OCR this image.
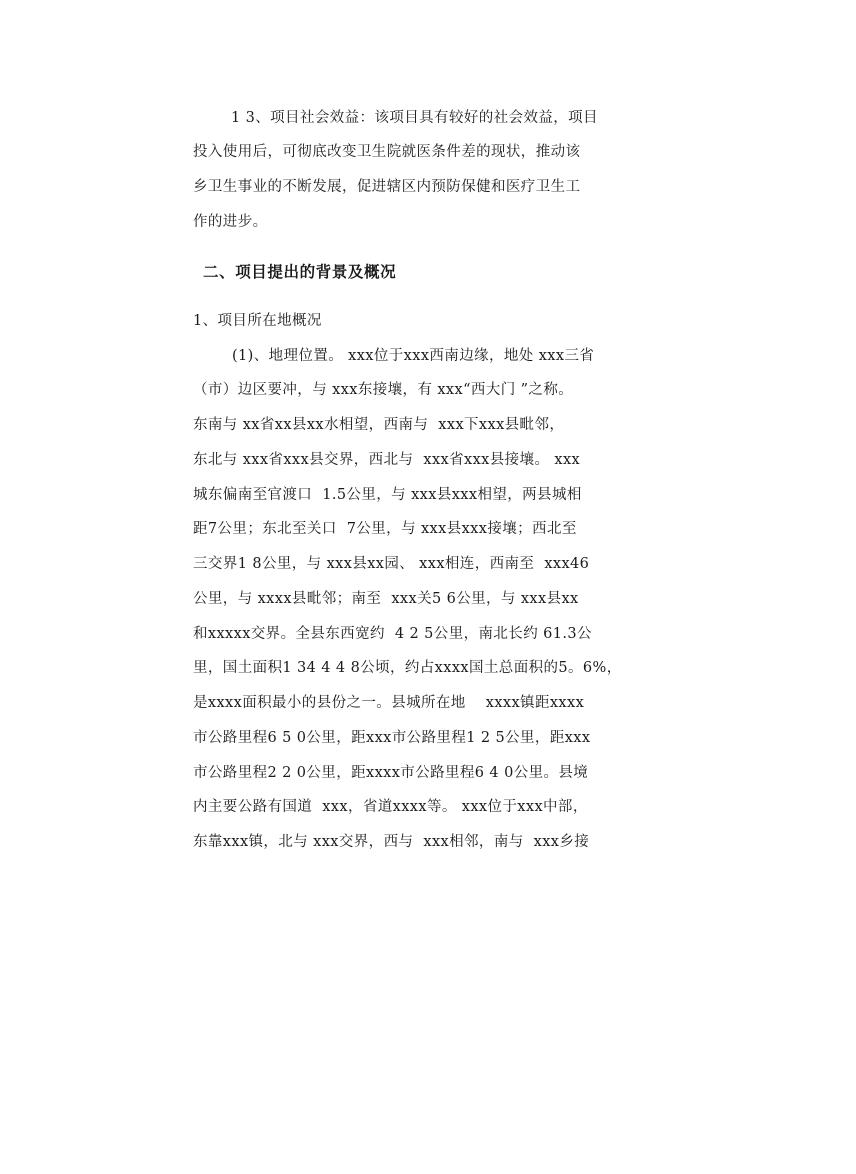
1 3、项目社会效益：该项目具有较好的社会效益，项目
投入使用后，可彻底改变卫生院就医条件差的现状，推动该
乡卫生事业的不断发展，促进辖区内预防保健和医疗卫生工
作的进步。
二、项目提出的背景及概况
1、项目所在地概况
(1)、地理位置。 xxx位于xxx西南边缘，地处 xxx三省
（市）边区要冲，与 xxx东接壤，有 xxx“西大门 ”之称。
东南与 xx省xx县xx水相望，西南与  xxx下xxx县毗邻，
东北与 xxx省xxx县交界，西北与  xxx省xxx县接壤。 xxx
城东偏南至官渡口  1.5公里，与 xxx县xxx相望，两县城相
距7公里；东北至关口  7公里，与 xxx县xxx接壤；西北至
三交界1 8公里，与 xxx县xx园、 xxx相连，西南至  xxx46
公里，与 xxxx县毗邻；南至  xxx关5 6公里，与 xxx县xx
和xxxxx交界。全县东西宽约  4 2 5公里，南北长约 61.3公
里，国土面积1 34 4 4 8公顷，约占xxxx国土总面积的5。6%，
是xxxx面积最小的县份之一。县城所在地    xxxx镇距xxxx
市公路里程6 5 0公里，距xxx市公路里程1 2 5公里，距xxx
市公路里程2 2 0公里，距xxxx市公路里程6 4 0公里。县境
内主要公路有国道  xxx，省道xxxx等。 xxx位于xxx中部，
东靠xxx镇，北与 xxx交界，西与  xxx相邻，南与  xxx乡接
